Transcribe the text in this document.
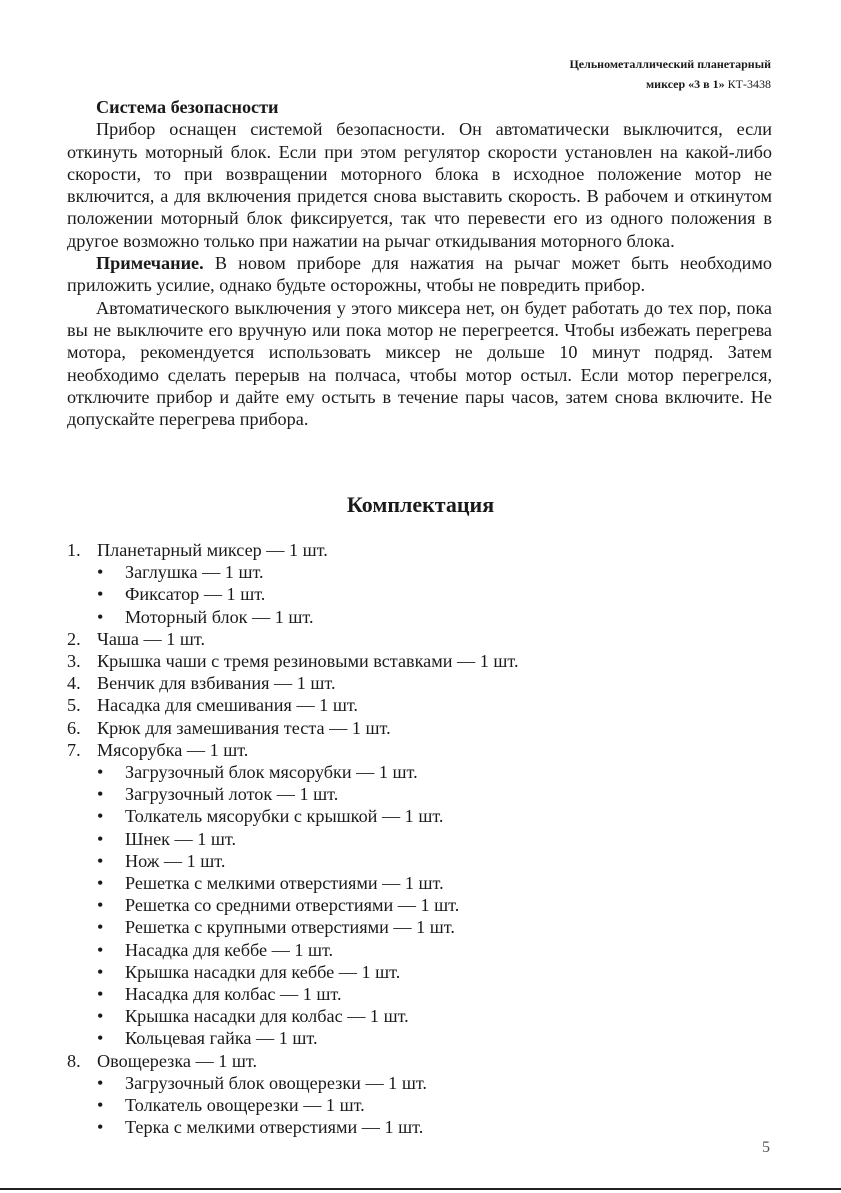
Цельнометаллический планетарный
миксер «3 в 1» КТ-3438
Система безопасности

Прибор оснащен системой безопасности. Он автоматически выключится, если откинуть моторный блок. Если при этом регулятор скорости установлен на какой-либо скорости, то при возвращении моторного блока в исходное положение мотор не включится, а для включения придется снова выставить скорость. В рабочем и откинутом положении моторный блок фиксируется, так что перевести его из одного положения в другое возможно только при нажатии на рычаг откидывания моторного блока.

Примечание. В новом приборе для нажатия на рычаг может быть необходимо приложить усилие, однако будьте осторожны, чтобы не повредить прибор.

Автоматического выключения у этого миксера нет, он будет работать до тех пор, пока вы не выключите его вручную или пока мотор не перегреется. Чтобы избежать перегрева мотора, рекомендуется использовать миксер не дольше 10 минут подряд. Затем необходимо сделать перерыв на полчаса, чтобы мотор остыл. Если мотор перегрелся, отключите прибор и дайте ему остыть в течение пары часов, затем снова включите. Не допускайте перегрева прибора.

Комплектация
1. Планетарный миксер — 1 шт.
• Заглушка — 1 шт.
• Фиксатор — 1 шт.
• Моторный блок — 1 шт.
2. Чаша — 1 шт.
3. Крышка чаши с тремя резиновыми вставками — 1 шт.
4. Венчик для взбивания — 1 шт.
5. Насадка для смешивания — 1 шт.
6. Крюк для замешивания теста — 1 шт.
7. Мясорубка — 1 шт.
• Загрузочный блок мясорубки — 1 шт.
• Загрузочный лоток — 1 шт.
• Толкатель мясорубки с крышкой — 1 шт.
• Шнек — 1 шт.
• Нож — 1 шт.
• Решетка с мелкими отверстиями — 1 шт.
• Решетка со средними отверстиями — 1 шт.
• Решетка с крупными отверстиями — 1 шт.
• Насадка для кеббе — 1 шт.
• Крышка насадки для кеббе — 1 шт.
• Насадка для колбас — 1 шт.
• Крышка насадки для колбас — 1 шт.
• Кольцевая гайка — 1 шт.
8. Овощерезка — 1 шт.
• Загрузочный блок овощерезки — 1 шт.
• Толкатель овощерезки — 1 шт.
• Терка с мелкими отверстиями — 1 шт.
5
